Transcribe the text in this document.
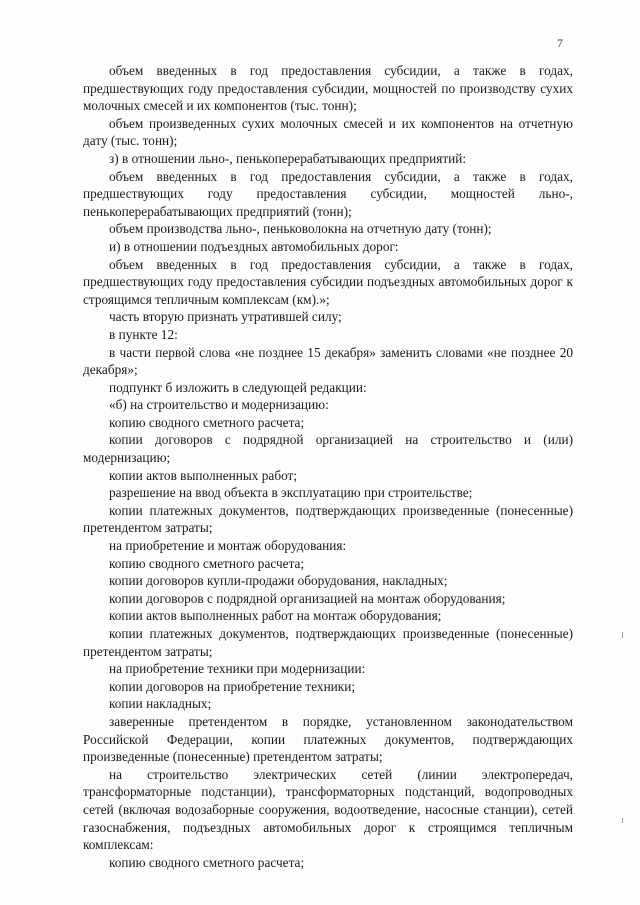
7

объем введенных в год предоставления субсидии, а также в годах, предшествующих году предоставления субсидии, мощностей по производству сухих молочных смесей и их компонентов (тыс. тонн);

объем произведенных сухих молочных смесей и их компонентов на отчетную дату (тыс. тонн);

з) в отношении льно-, пенькоперерабатывающих предприятий:

объем введенных в год предоставления субсидии, а также в годах, предшествующих году предоставления субсидии, мощностей льно-, пенькоперерабатывающих предприятий (тонн);

объем производства льно-, пеньковолокна на отчетную дату (тонн);

и) в отношении подъездных автомобильных дорог:

объем введенных в год предоставления субсидии, а также в годах, предшествующих году предоставления субсидии подъездных автомобильных дорог к строящимся тепличным комплексам (км).»;

часть вторую признать утратившей силу;

в пункте 12:

в части первой слова «не позднее 15 декабря» заменить словами «не позднее 20 декабря»;

подпункт б изложить в следующей редакции:

«б) на строительство и модернизацию:

копию сводного сметного расчета;

копии договоров с подрядной организацией на строительство и (или) модернизацию;

копии актов выполненных работ;

разрешение на ввод объекта в эксплуатацию при строительстве;

копии платежных документов, подтверждающих произведенные (понесенные) претендентом затраты;

на приобретение и монтаж оборудования:

копию сводного сметного расчета;

копии договоров купли-продажи оборудования, накладных;

копии договоров с подрядной организацией на монтаж оборудования;

копии актов выполненных работ на монтаж оборудования;

копии платежных документов, подтверждающих произведенные (понесенные) претендентом затраты;

на приобретение техники при модернизации:

копии договоров на приобретение техники;

копии накладных;

заверенные претендентом в порядке, установленном законодательством Российской Федерации, копии платежных документов, подтверждающих произведенные (понесенные) претендентом затраты;

на строительство электрических сетей (линии электропередач, трансформаторные подстанции), трансформаторных подстанций, водопроводных сетей (включая водозаборные сооружения, водоотведение, насосные станции), сетей газоснабжения, подъездных автомобильных дорог к строящимся тепличным комплексам:

копию сводного сметного расчета;
